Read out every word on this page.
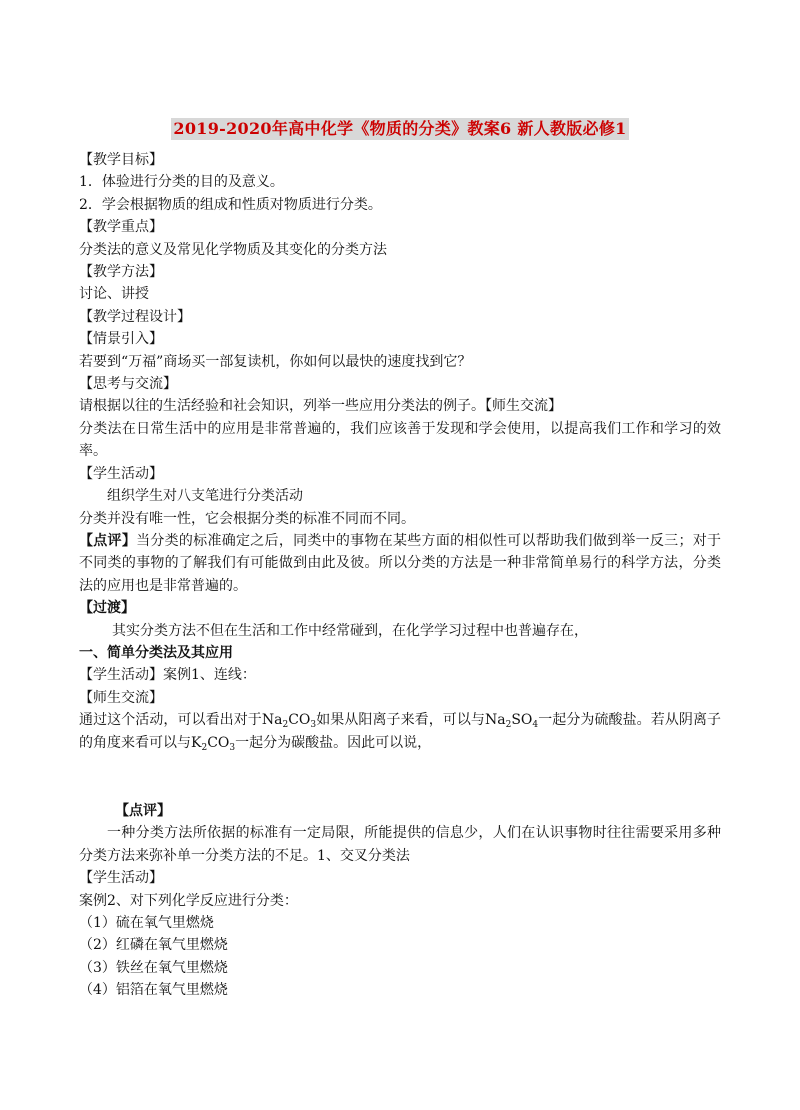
2019-2020年高中化学《物质的分类》教案6 新人教版必修1

【教学目标】

1．体验进行分类的目的及意义。

2．学会根据物质的组成和性质对物质进行分类。

【教学重点】

分类法的意义及常见化学物质及其变化的分类方法

【教学方法】

讨论、讲授

【教学过程设计】

【情景引入】

若要到“万福”商场买一部复读机，你如何以最快的速度找到它？

【思考与交流】

请根据以往的生活经验和社会知识，列举一些应用分类法的例子。【师生交流】

分类法在日常生活中的应用是非常普遍的，我们应该善于发现和学会使用，以提高我们工作和学习的效率。

【学生活动】

组织学生对八支笔进行分类活动

分类并没有唯一性，它会根据分类的标准不同而不同。

【点评】当分类的标准确定之后，同类中的事物在某些方面的相似性可以帮助我们做到举一反三；对于不同类的事物的了解我们有可能做到由此及彼。所以分类的方法是一种非常简单易行的科学方法，分类法的应用也是非常普遍的。

【过渡】

其实分类方法不但在生活和工作中经常碰到，在化学学习过程中也普遍存在，

一、简单分类法及其应用

【学生活动】案例1、连线：

【师生交流】

通过这个活动，可以看出对于$Na_2CO_3$如果从阳离子来看，可以与$Na_2SO_4$一起分为硫酸盐。若从阴离子的角度来看可以与$K_2CO_3$一起分为碳酸盐。因此可以说，

【点评】

一种分类方法所依据的标准有一定局限，所能提供的信息少，人们在认识事物时往往需要采用多种分类方法来弥补单一分类方法的不足。1、交叉分类法

【学生活动】

案例2、对下列化学反应进行分类：

（1）硫在氧气里燃烧

（2）红磷在氧气里燃烧

（3）铁丝在氧气里燃烧

（4）铝箔在氧气里燃烧
